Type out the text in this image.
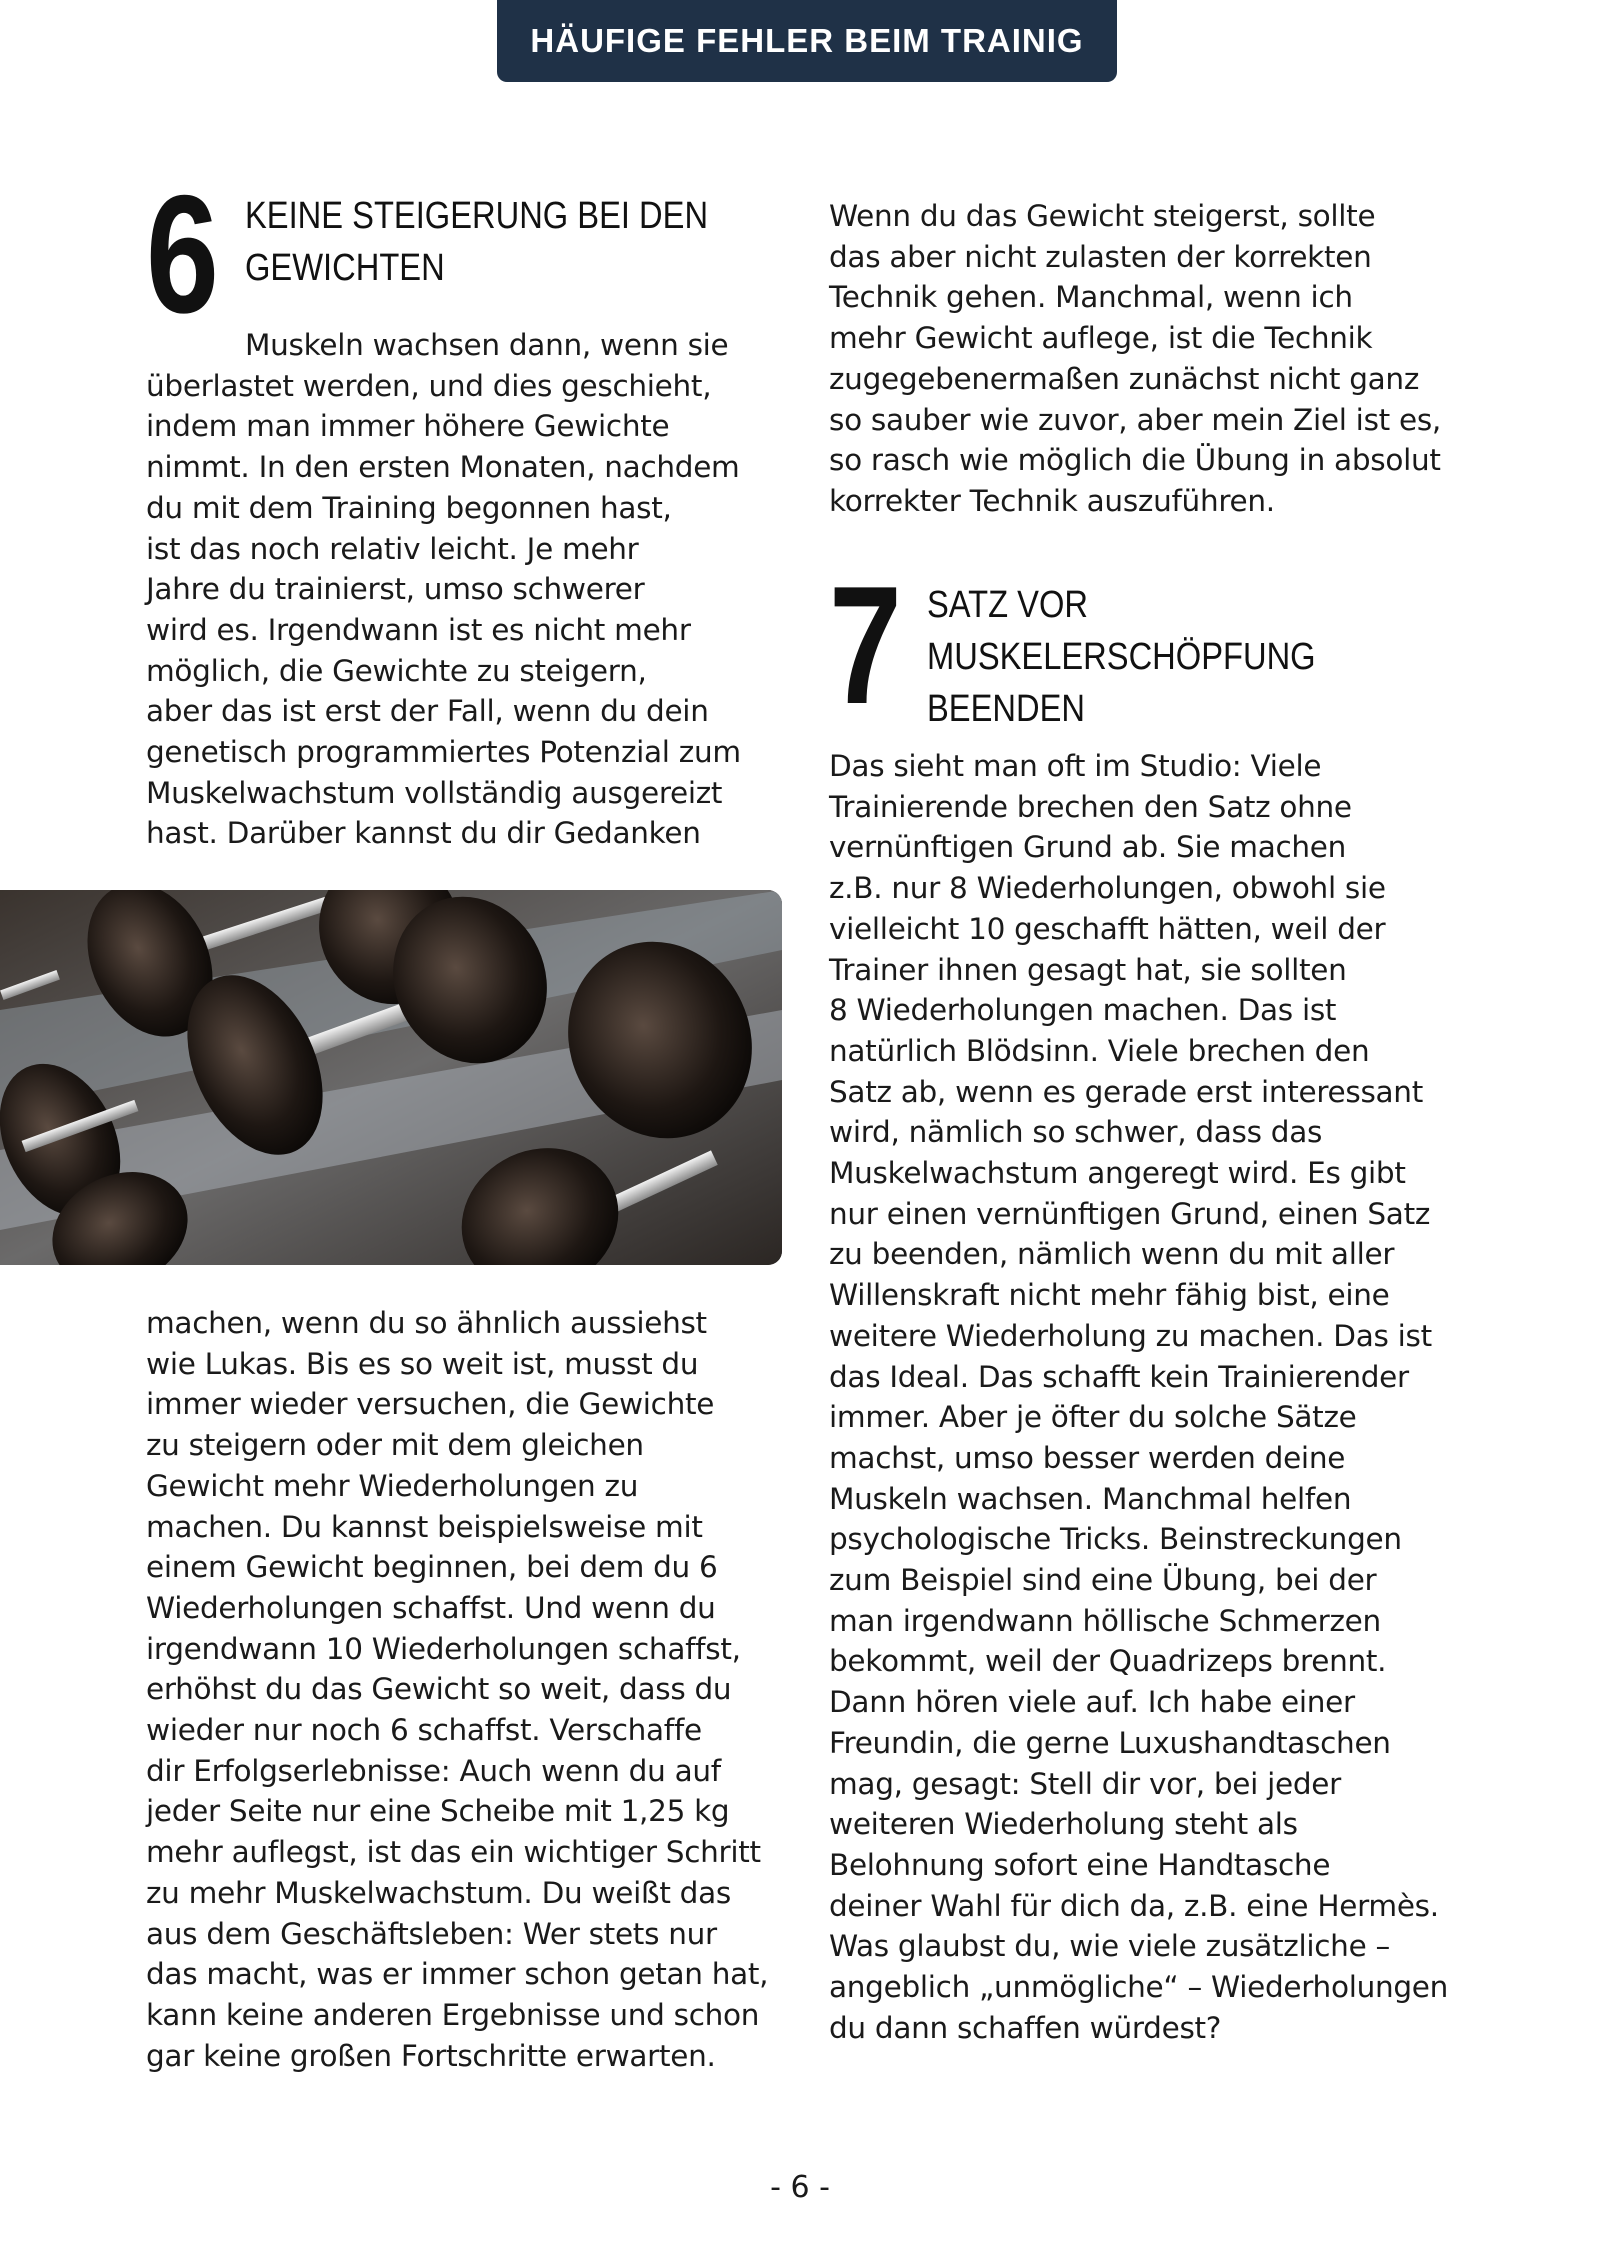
HÄUFIGE FEHLER BEIM TRAINIG
6 KEINE STEIGERUNG BEI DEN
GEWICHTEN

Muskeln wachsen dann, wenn sie
überlastet werden, und dies geschieht,
indem man immer höhere Gewichte
nimmt. In den ersten Monaten, nachdem
du mit dem Training begonnen hast,
ist das noch relativ leicht. Je mehr
Jahre du trainierst, umso schwerer
wird es. Irgendwann ist es nicht mehr
möglich, die Gewichte zu steigern,
aber das ist erst der Fall, wenn du dein
genetisch programmiertes Potenzial zum
Muskelwachstum vollständig ausgereizt
hast. Darüber kannst du dir Gedanken

machen, wenn du so ähnlich aussiehst
wie Lukas. Bis es so weit ist, musst du
immer wieder versuchen, die Gewichte
zu steigern oder mit dem gleichen
Gewicht mehr Wiederholungen zu
machen. Du kannst beispielsweise mit
einem Gewicht beginnen, bei dem du 6
Wiederholungen schaffst. Und wenn du
irgendwann 10 Wiederholungen schaffst,
erhöhst du das Gewicht so weit, dass du
wieder nur noch 6 schaffst. Verschaffe
dir Erfolgserlebnisse: Auch wenn du auf
jeder Seite nur eine Scheibe mit 1,25 kg
mehr auflegst, ist das ein wichtiger Schritt
zu mehr Muskelwachstum. Du weißt das
aus dem Geschäftsleben: Wer stets nur
das macht, was er immer schon getan hat,
kann keine anderen Ergebnisse und schon
gar keine großen Fortschritte erwarten.

Wenn du das Gewicht steigerst, sollte
das aber nicht zulasten der korrekten
Technik gehen. Manchmal, wenn ich
mehr Gewicht auflege, ist die Technik
zugegebenermaßen zunächst nicht ganz
so sauber wie zuvor, aber mein Ziel ist es,
so rasch wie möglich die Übung in absolut
korrekter Technik auszuführen.

7 SATZ VOR
MUSKELERSCHÖPFUNG
BEENDEN

Das sieht man oft im Studio: Viele
Trainierende brechen den Satz ohne
vernünftigen Grund ab. Sie machen
z.B. nur 8 Wiederholungen, obwohl sie
vielleicht 10 geschafft hätten, weil der
Trainer ihnen gesagt hat, sie sollten
8 Wiederholungen machen. Das ist
natürlich Blödsinn. Viele brechen den
Satz ab, wenn es gerade erst interessant
wird, nämlich so schwer, dass das
Muskelwachstum angeregt wird. Es gibt
nur einen vernünftigen Grund, einen Satz
zu beenden, nämlich wenn du mit aller
Willenskraft nicht mehr fähig bist, eine
weitere Wiederholung zu machen. Das ist
das Ideal. Das schafft kein Trainierender
immer. Aber je öfter du solche Sätze
machst, umso besser werden deine
Muskeln wachsen. Manchmal helfen
psychologische Tricks. Beinstreckungen
zum Beispiel sind eine Übung, bei der
man irgendwann höllische Schmerzen
bekommt, weil der Quadrizeps brennt.
Dann hören viele auf. Ich habe einer
Freundin, die gerne Luxushandtaschen
mag, gesagt: Stell dir vor, bei jeder
weiteren Wiederholung steht als
Belohnung sofort eine Handtasche
deiner Wahl für dich da, z.B. eine Hermès.
Was glaubst du, wie viele zusätzliche –
angeblich „unmögliche“ – Wiederholungen
du dann schaffen würdest?

- 6 -
